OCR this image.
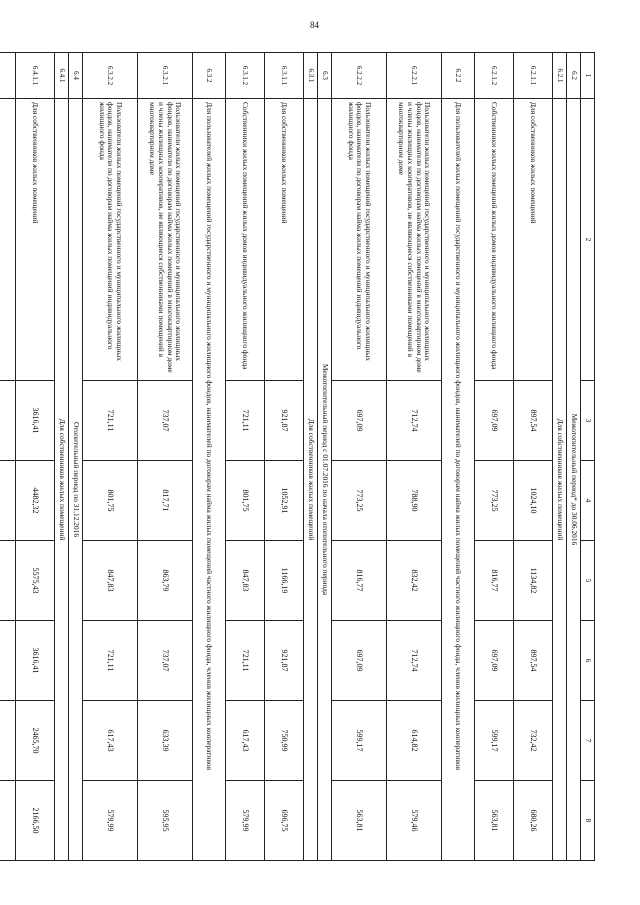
84
1	2	3	4	5	6	7	8
6.2	Межотопительный период* до 30.06.2016						
6.2.1	Для собственников жилых помещений						
6.2.1.1	Для собственников жилых помещений	897,54	1024,10	1134,82	897,54	732,42	680,26
6.2.1.2	Собственники жилых помещений жилых домов индивидуального жилищного фонда	697,09	773,25	816,77	697,09	599,17	563,81
6.2.2	Для пользователей жилых помещений государственного и муниципального жилищного фондов, нанимателей по договорам найма жилых помещений частного жилищного фонда, членов жилищных кооперативов						
6.2.2.1	Пользователи жилых помещений государственного и муниципального жилищных фондов, наниматели по договорам найма жилых помещений в многоквартирном доме и члены жилищных кооперативов, не являющиеся собственниками помещений в многоквартирном доме	712,74	788,90	832,42	712,74	614,82	579,46
6.2.2.2	Пользователи жилых помещений государственного и муниципального жилищных фондов, наниматели по договорам найма жилых помещений индивидуального жилищного фонда	697,09	773,25	816,77	697,09	599,17	563,81
6.3	Межотопительный период с 01.07.2016 по начала отопительного периода						
6.3.1	Для собственников жилых помещений						
6.3.1.1	Для собственников жилых помещений	921,87	1052,91	1166,19	921,87	750,99	696,75
6.3.1.2	Собственники жилых помещений жилых домов индивидуального жилищного фонда	721,11	801,75	847,83	721,11	617,43	579,99
6.3.2	Для пользователей жилых помещений государственного и муниципального жилищного фондов, нанимателей по договорам найма жилых помещений частного жилищного фонда, членов жилищных кооперативов						
6.3.2.1	Пользователи жилых помещений государственного и муниципального жилищных фондов, наниматели по договорам найма жилых помещений в многоквартирном доме и члены жилищных кооперативов, не являющиеся собственниками помещений в многоквартирном доме	737,07	817,71	863,79	737,07	633,39	595,95
6.3.2.2	Пользователи жилых помещений государственного и муниципального жилищных фондов, наниматели по договорам найма жилых помещений индивидуального жилищного фонда	721,11	801,75	847,83	721,11	617,43	579,99
6.4	Отопительный период по 31.12.2016						
6.4.1	Для собственников жилых помещений						
6.4.1.1	Для собственников жилых помещений	3616,41	4482,32	5575,43	3616,41	2465,70	2166,50
